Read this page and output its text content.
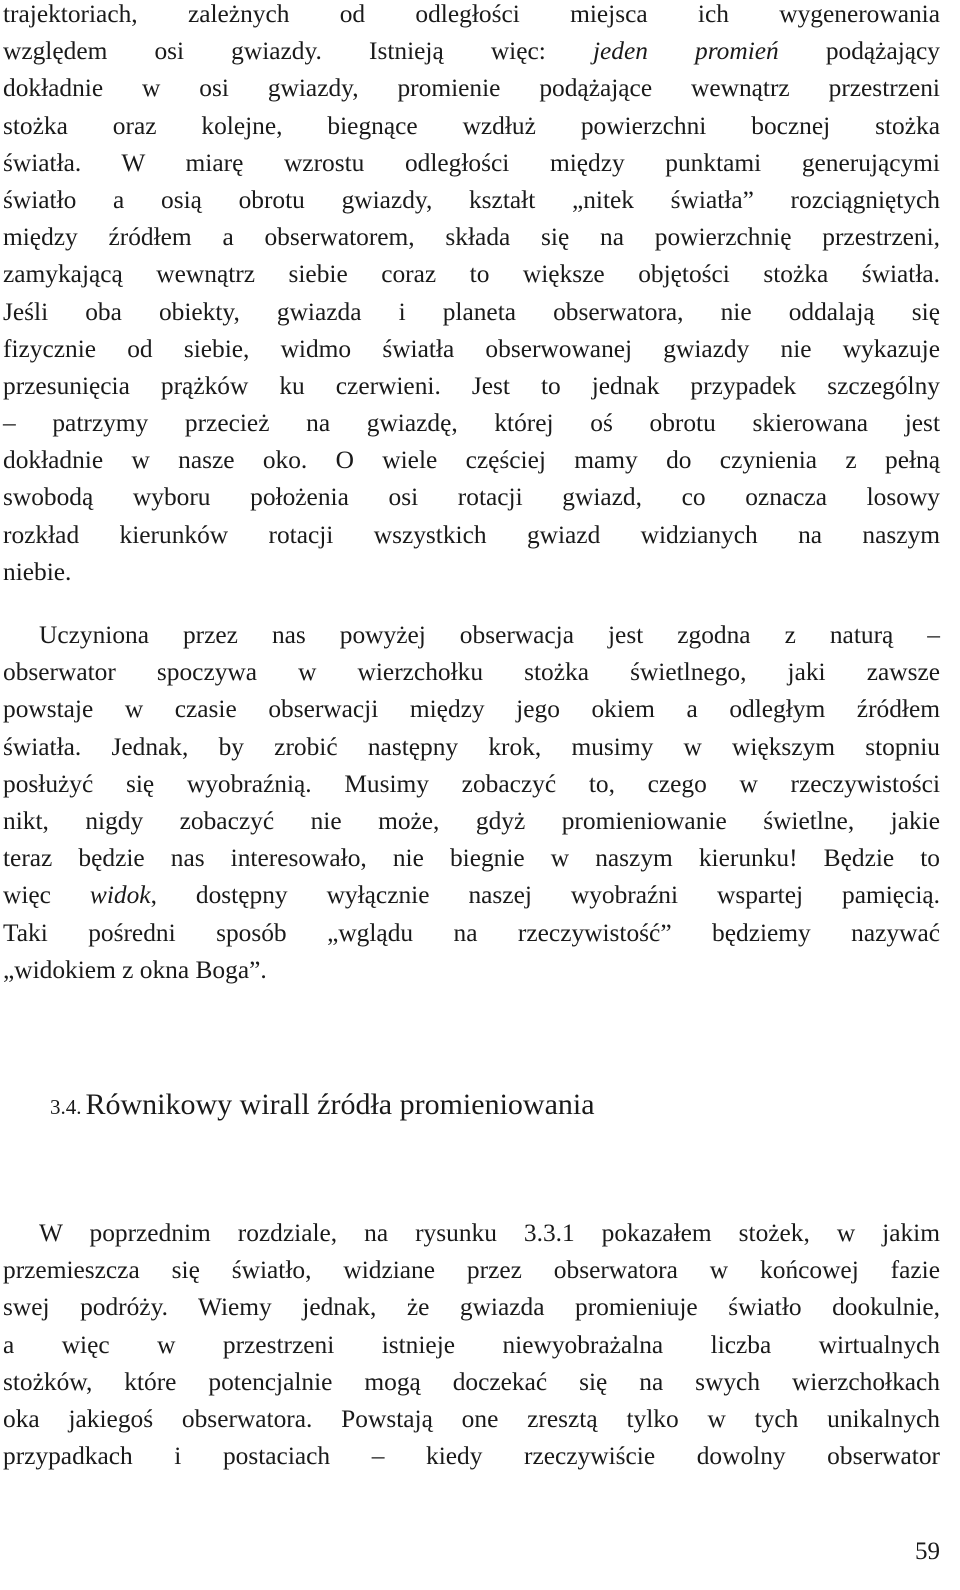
trajektoriach, zależnych od odległości miejsca ich wygenerowania
względem osi gwiazdy. Istnieją więc: jeden promień podążający
dokładnie w osi gwiazdy, promienie podążające wewnątrz przestrzeni
stożka oraz kolejne, biegnące wzdłuż powierzchni bocznej stożka
światła. W miarę wzrostu odległości między punktami generującymi
światło a osią obrotu gwiazdy, kształt „nitek światła” rozciągniętych
między źródłem a obserwatorem, składa się na powierzchnię przestrzeni,
zamykającą wewnątrz siebie coraz to większe objętości stożka światła.
Jeśli oba obiekty, gwiazda i planeta obserwatora, nie oddalają się
fizycznie od siebie, widmo światła obserwowanej gwiazdy nie wykazuje
przesunięcia prążków ku czerwieni. Jest to jednak przypadek szczególny
– patrzymy przecież na gwiazdę, której oś obrotu skierowana jest
dokładnie w nasze oko. O wiele częściej mamy do czynienia z pełną
swobodą wyboru położenia osi rotacji gwiazd, co oznacza losowy
rozkład kierunków rotacji wszystkich gwiazd widzianych na naszym
niebie.
Uczyniona przez nas powyżej obserwacja jest zgodna z naturą –
obserwator spoczywa w wierzchołku stożka świetlnego, jaki zawsze
powstaje w czasie obserwacji między jego okiem a odległym źródłem
światła. Jednak, by zrobić następny krok, musimy w większym stopniu
posłużyć się wyobraźnią. Musimy zobaczyć to, czego w rzeczywistości
nikt, nigdy zobaczyć nie może, gdyż promieniowanie świetlne, jakie
teraz będzie nas interesowało, nie biegnie w naszym kierunku! Będzie to
więc widok, dostępny wyłącznie naszej wyobraźni wspartej pamięcią.
Taki pośredni sposób „wglądu na rzeczywistość” będziemy nazywać
„widokiem z okna Boga”.
3.4. Równikowy wirall źródła promieniowania
W poprzednim rozdziale, na rysunku 3.3.1 pokazałem stożek, w jakim
przemieszcza się światło, widziane przez obserwatora w końcowej fazie
swej podróży. Wiemy jednak, że gwiazda promieniuje światło dookulnie,
a więc w przestrzeni istnieje niewyobrażalna liczba wirtualnych
stożków, które potencjalnie mogą doczekać się na swych wierzchołkach
oka jakiegoś obserwatora. Powstają one zresztą tylko w tych unikalnych
przypadkach i postaciach – kiedy rzeczywiście dowolny obserwator
59
